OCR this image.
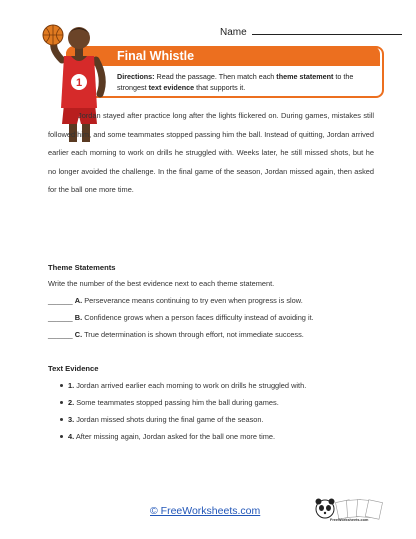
Name
Final Whistle
Directions: Read the passage. Then match each theme statement to the strongest text evidence that supports it.
1
Jordan stayed after practice long after the lights flickered on. During games, mistakes still followed him, and some teammates stopped passing him the ball. Instead of quitting, Jordan arrived earlier each morning to work on drills he struggled with. Weeks later, he still missed shots, but he no longer avoided the challenge. In the final game of the season, Jordan missed again, then asked for the ball one more time.
Theme Statements
Write the number of the best evidence next to each theme statement.
______ A. Perseverance means continuing to try even when progress is slow.
______ B. Confidence grows when a person faces difficulty instead of avoiding it.
______ C. True determination is shown through effort, not immediate success.
Text Evidence
1. Jordan arrived earlier each morning to work on drills he struggled with.
2. Some teammates stopped passing him the ball during games.
3. Jordan missed shots during the final game of the season.
4. After missing again, Jordan asked for the ball one more time.
© FreeWorksheets.com
FreeWorksheets.com
